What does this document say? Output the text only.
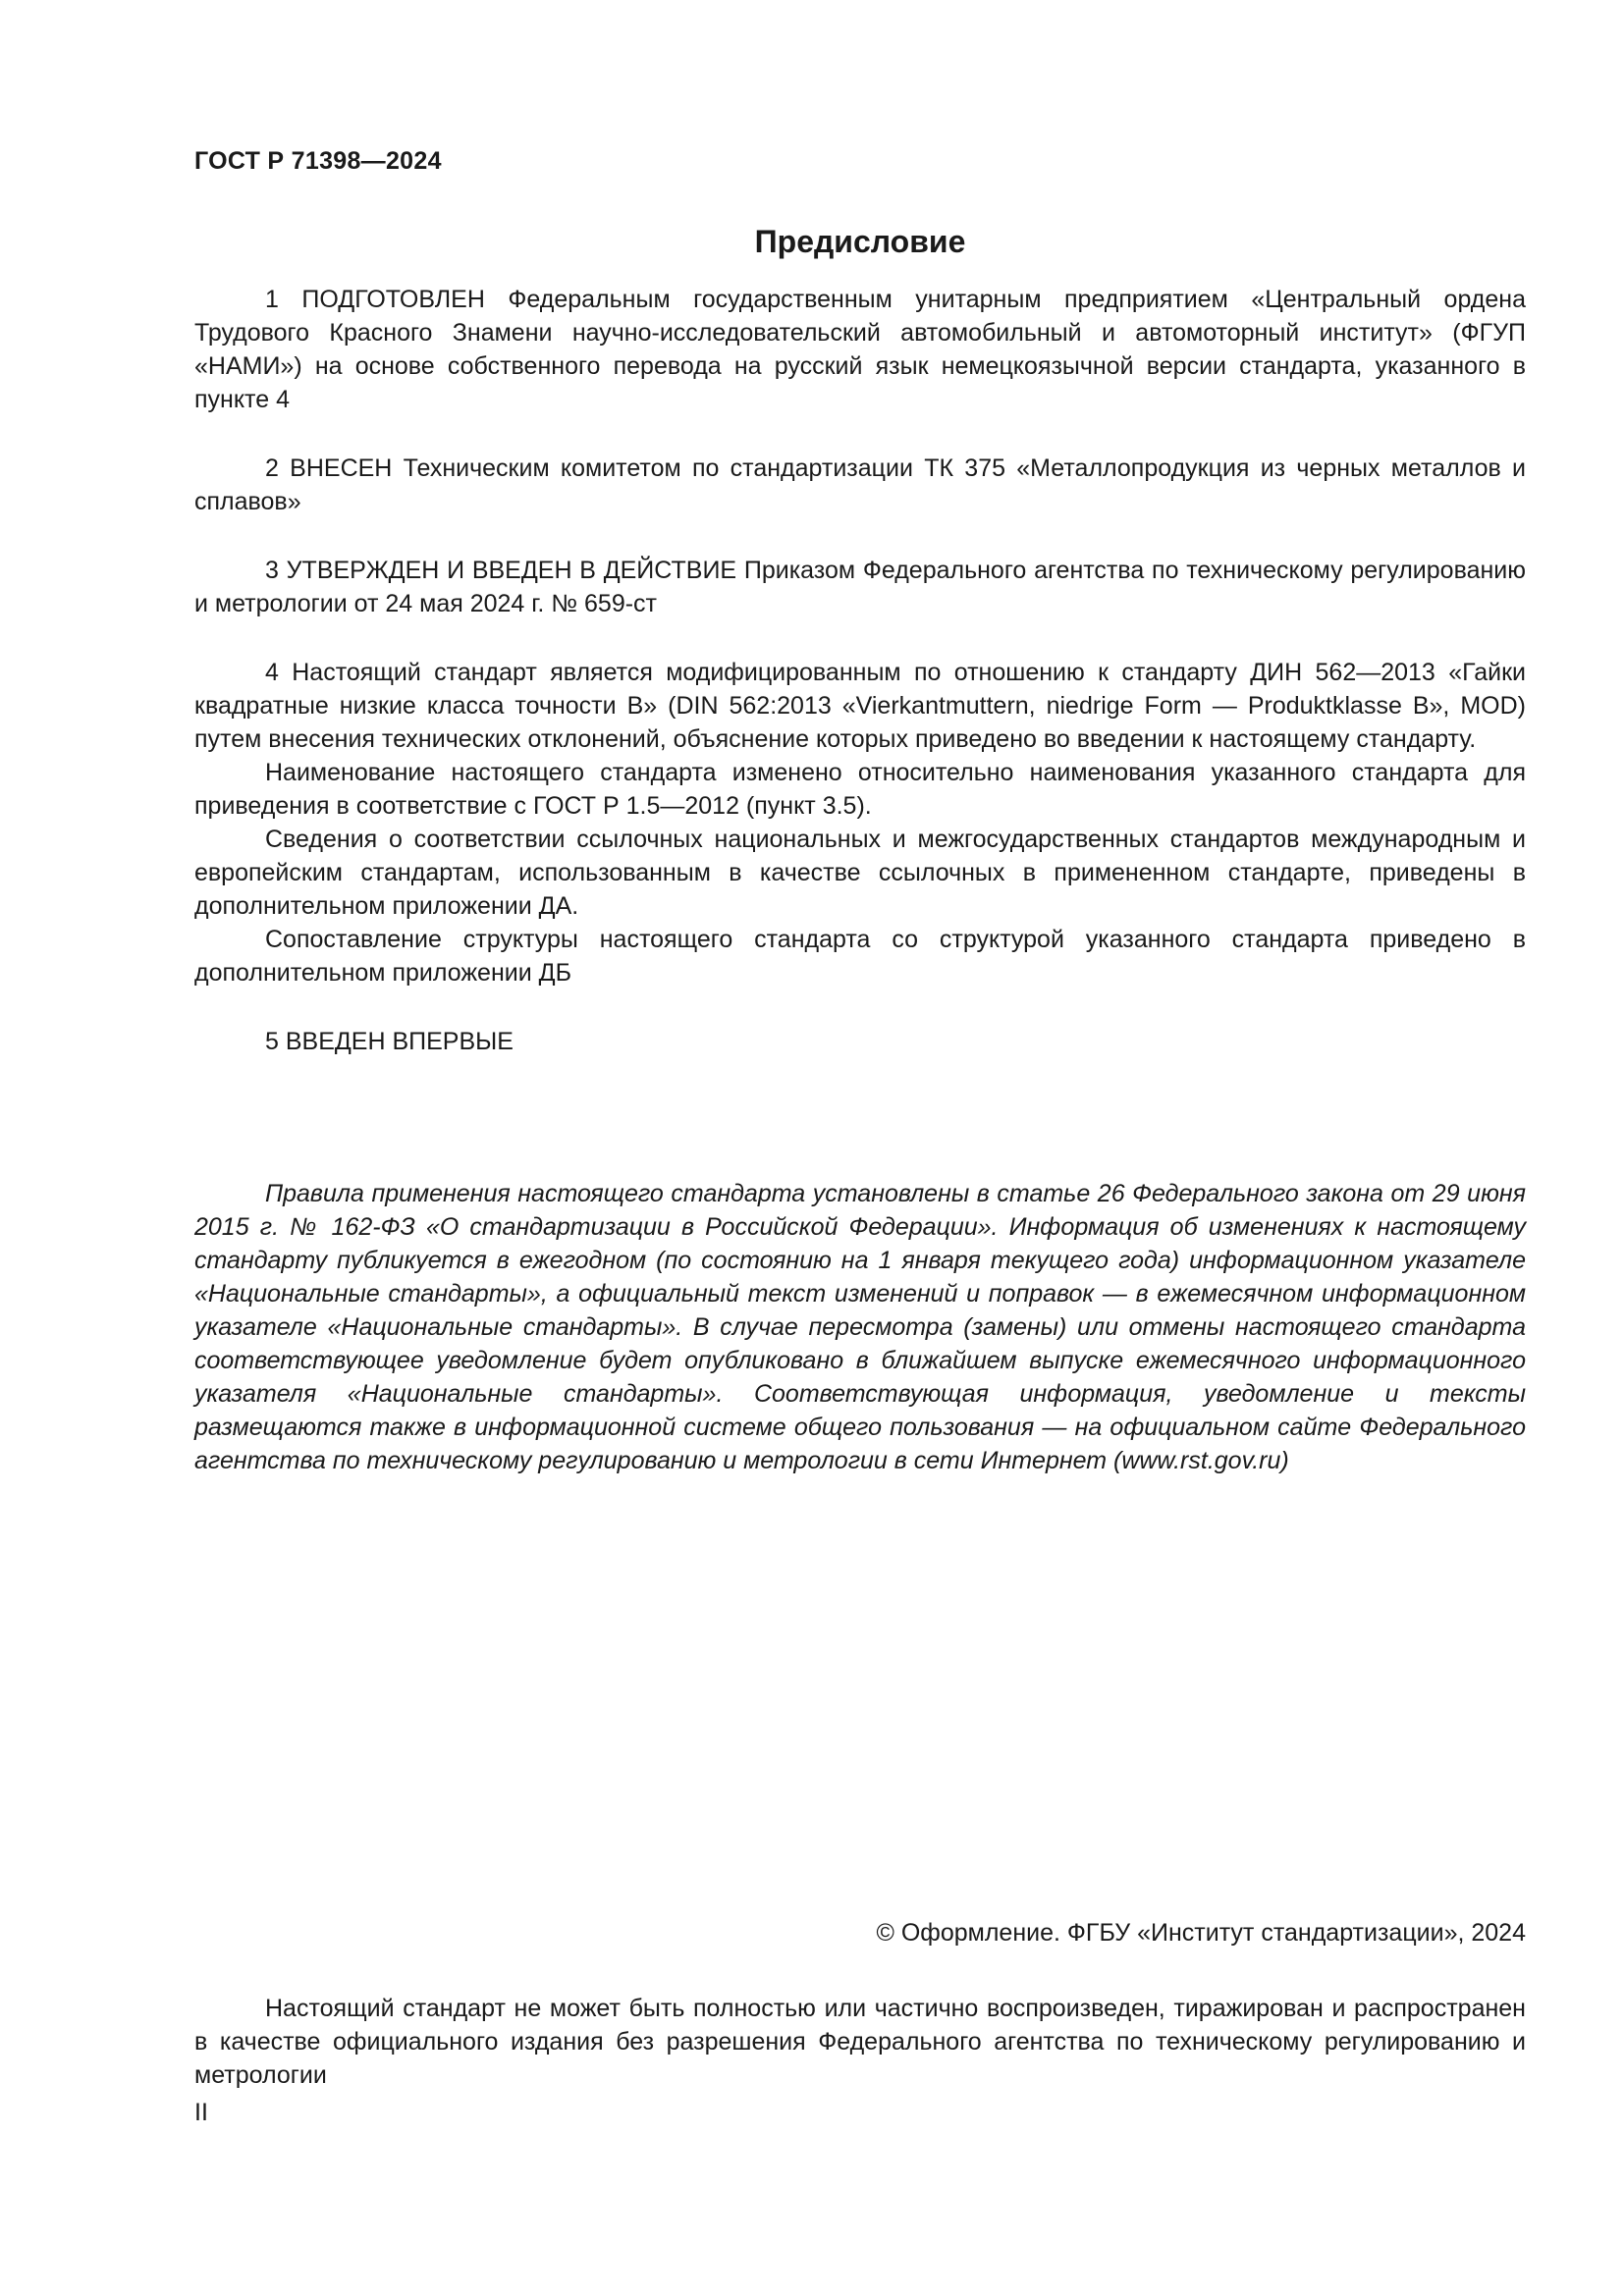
ГОСТ Р 71398—2024
Предисловие

1 ПОДГОТОВЛЕН Федеральным государственным унитарным предприятием «Центральный ордена Трудового Красного Знамени научно-исследовательский автомобильный и автомоторный институт» (ФГУП «НАМИ») на основе собственного перевода на русский язык немецкоязычной версии стандарта, указанного в пункте 4

2 ВНЕСЕН Техническим комитетом по стандартизации ТК 375 «Металлопродукция из черных металлов и сплавов»

3 УТВЕРЖДЕН И ВВЕДЕН В ДЕЙСТВИЕ Приказом Федерального агентства по техническому регулированию и метрологии от 24 мая 2024 г. № 659-ст

4 Настоящий стандарт является модифицированным по отношению к стандарту ДИН 562—2013 «Гайки квадратные низкие класса точности В» (DIN 562:2013 «Vierkantmuttern, niedrige Form — Produktklasse B», MOD) путем внесения технических отклонений, объяснение которых приведено во введении к настоящему стандарту.

Наименование настоящего стандарта изменено относительно наименования указанного стандарта для приведения в соответствие с ГОСТ Р 1.5—2012 (пункт 3.5).

Сведения о соответствии ссылочных национальных и межгосударственных стандартов международным и европейским стандартам, использованным в качестве ссылочных в примененном стандарте, приведены в дополнительном приложении ДА.

Сопоставление структуры настоящего стандарта со структурой указанного стандарта приведено в дополнительном приложении ДБ

5 ВВЕДЕН ВПЕРВЫЕ

Правила применения настоящего стандарта установлены в статье 26 Федерального закона от 29 июня 2015 г. № 162-ФЗ «О стандартизации в Российской Федерации». Информация об изменениях к настоящему стандарту публикуется в ежегодном (по состоянию на 1 января текущего года) информационном указателе «Национальные стандарты», а официальный текст изменений и поправок — в ежемесячном информационном указателе «Национальные стандарты». В случае пересмотра (замены) или отмены настоящего стандарта соответствующее уведомление будет опубликовано в ближайшем выпуске ежемесячного информационного указателя «Национальные стандарты». Соответствующая информация, уведомление и тексты размещаются также в информационной системе общего пользования — на официальном сайте Федерального агентства по техническому регулированию и метрологии в сети Интернет (www.rst.gov.ru)

© Оформление. ФГБУ «Институт стандартизации», 2024

Настоящий стандарт не может быть полностью или частично воспроизведен, тиражирован и распространен в качестве официального издания без разрешения Федерального агентства по техническому регулированию и метрологии

II
